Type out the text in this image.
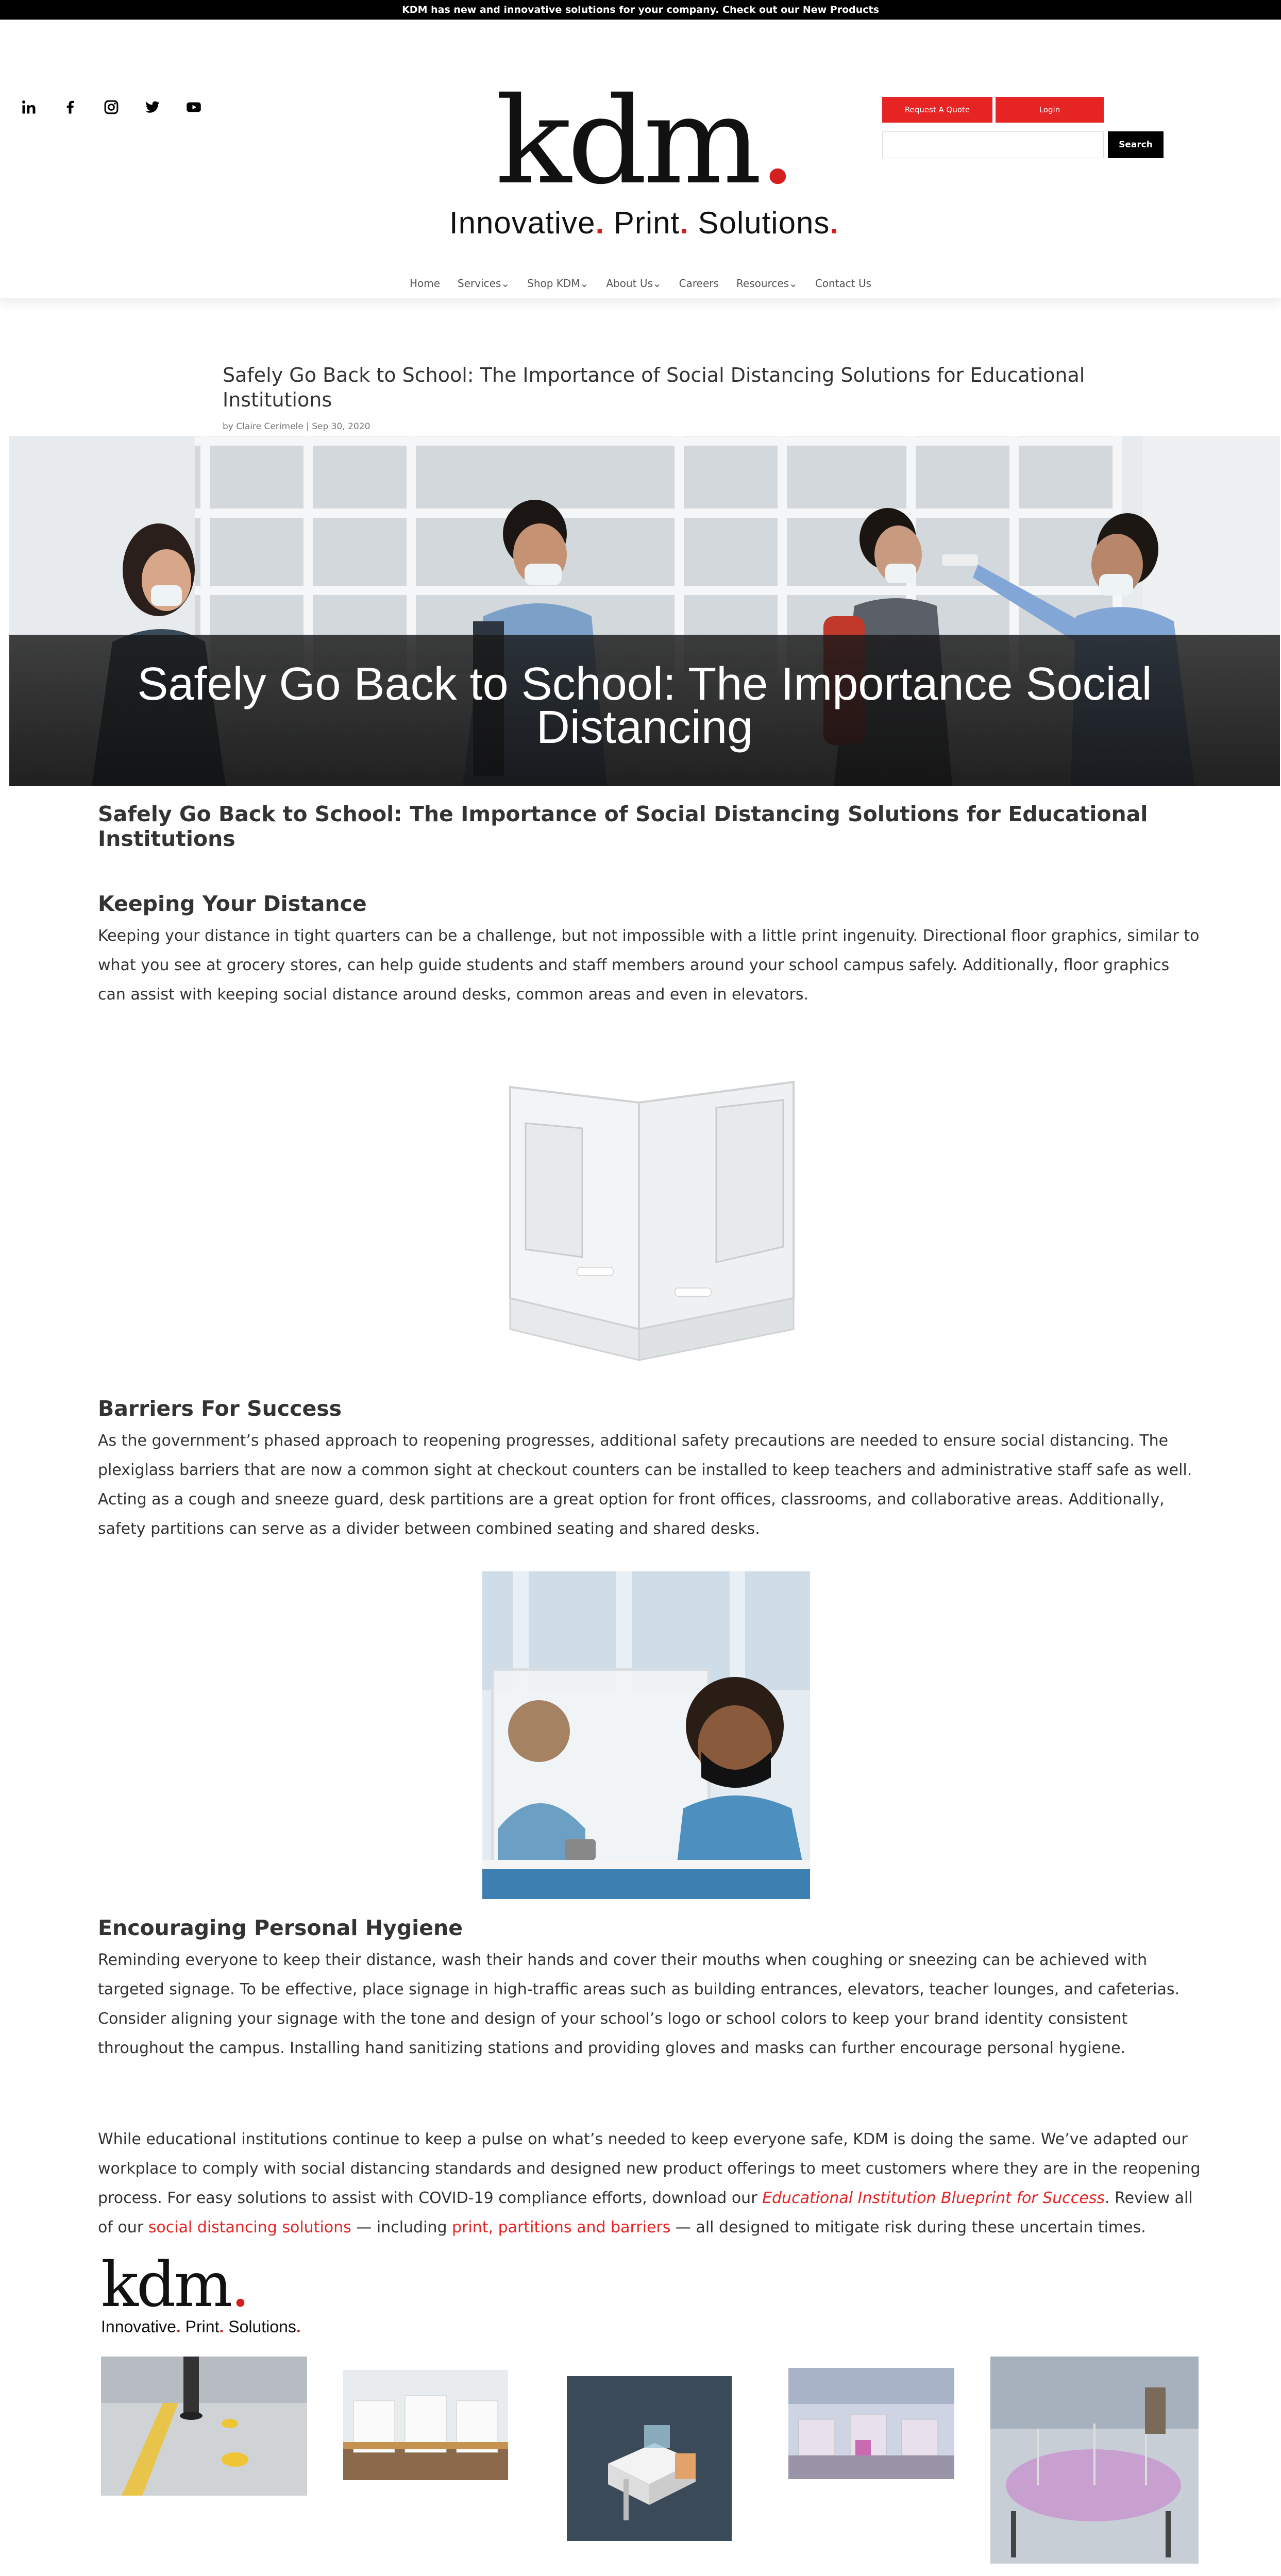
KDM has new and innovative solutions for your company. Check out our New Products
kdm.
Innovative. Print. Solutions.
Request A Quote	Login
Search
Home Services⌄ Shop KDM⌄ About Us⌄ Careers Resources⌄ Contact Us
Safely Go Back to School: The Importance of Social Distancing Solutions for Educational Institutions
by Claire Cerimele | Sep 30, 2020
Safely Go Back to School: The Importance Social
Distancing
Safely Go Back to School: The Importance of Social Distancing Solutions for Educational Institutions
Keeping Your Distance
Keeping your distance in tight quarters can be a challenge, but not impossible with a little print ingenuity. Directional floor graphics, similar to what you see at grocery stores, can help guide students and staff members around your school campus safely. Additionally, floor graphics can assist with keeping social distance around desks, common areas and even in elevators.
Barriers For Success
As the government’s phased approach to reopening progresses, additional safety precautions are needed to ensure social distancing. The plexiglass barriers that are now a common sight at checkout counters can be installed to keep teachers and administrative staff safe as well. Acting as a cough and sneeze guard, desk partitions are a great option for front offices, classrooms, and collaborative areas. Additionally, safety partitions can serve as a divider between combined seating and shared desks.
Encouraging Personal Hygiene
Reminding everyone to keep their distance, wash their hands and cover their mouths when coughing or sneezing can be achieved with targeted signage. To be effective, place signage in high-traffic areas such as building entrances, elevators, teacher lounges, and cafeterias. Consider aligning your signage with the tone and design of your school’s logo or school colors to keep your brand identity consistent throughout the campus. Installing hand sanitizing stations and providing gloves and masks can further encourage personal hygiene.
While educational institutions continue to keep a pulse on what’s needed to keep everyone safe, KDM is doing the same. We’ve adapted our workplace to comply with social distancing standards and designed new product offerings to meet customers where they are in the reopening process. For easy solutions to assist with COVID-19 compliance efforts, download our Educational Institution Blueprint for Success. Review all of our social distancing solutions — including print, partitions and barriers — all designed to mitigate risk during these uncertain times.
kdm.
Innovative. Print. Solutions.
